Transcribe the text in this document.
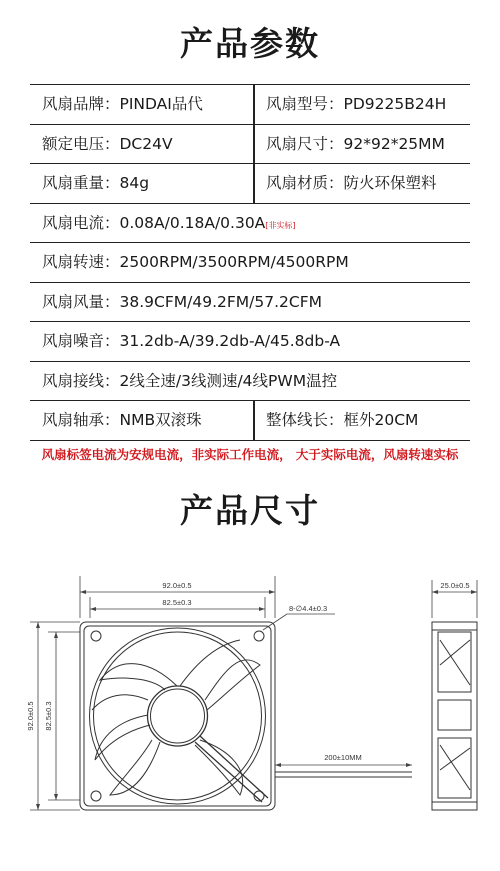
产品参数
风扇品牌：PINDAI品代	风扇型号：PD9225B24H
额定电压：DC24V	风扇尺寸：92*92*25MM
风扇重量：84g	风扇材质：防火环保塑料
风扇电流：0.08A/0.18A/0.30A[非实标]
风扇转速：2500RPM/3500RPM/4500RPM
风扇风量：38.9CFM/49.2FM/57.2CFM
风扇噪音：31.2db-A/39.2db-A/45.8db-A
风扇接线：2线全速/3线测速/4线PWM温控
风扇轴承：NMB双滚珠	整体线长：框外20CM
风扇标签电流为安规电流，非实际工作电流， 大于实际电流，风扇转速实标
产品尺寸
92.0±0.5
82.5±0.3
92.0±0.5 82.5±0.3
200±10MM
8-∅4.4±0.3
25.0±0.5
